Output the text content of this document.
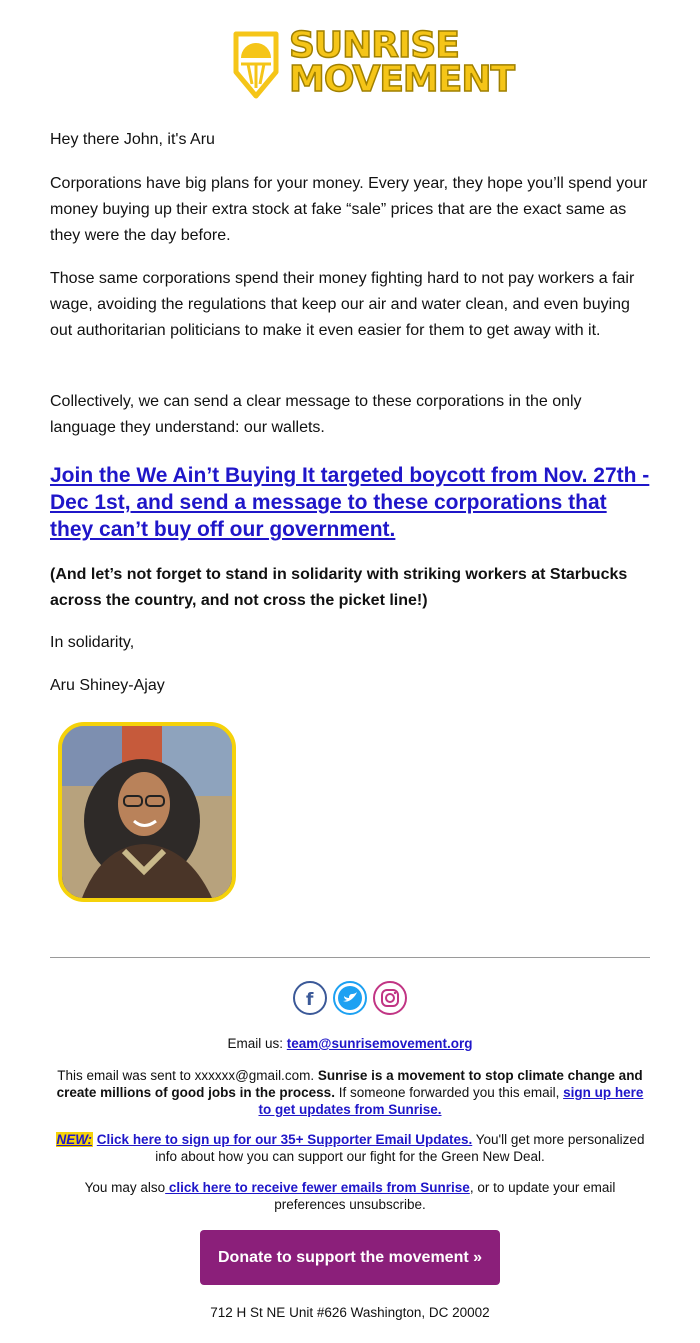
SUNRISE
MOVEMENT

Hey there John, it's Aru

Corporations have big plans for your money. Every year, they hope you’ll spend your money buying up their extra stock at fake “sale” prices that are the exact same as they were the day before.

Those same corporations spend their money fighting hard to not pay workers a fair wage, avoiding the regulations that keep our air and water clean, and even buying out authoritarian politicians to make it even easier for them to get away with it.

Collectively, we can send a clear message to these corporations in the only language they understand: our wallets.

Join the We Ain’t Buying It targeted boycott from Nov. 27th - Dec 1st, and send a message to these corporations that they can’t buy off our government.
(And let’s not forget to stand in solidarity with striking workers at Starbucks across the country, and not cross the picket line!)

In solidarity,

Aru Shiney-Ajay

f
Email us: team@sunrisemovement.org
This email was sent to xxxxxx@gmail.com. Sunrise is a movement to stop climate change and create millions of good jobs in the process. If someone forwarded you this email, sign up here to get updates from Sunrise.
NEW: Click here to sign up for our 35+ Supporter Email Updates. You'll get more personalized info about how you can support our fight for the Green New Deal.
You may also click here to receive fewer emails from Sunrise, or to update your email preferences unsubscribe.
Donate to support the movement »
712 H St NE Unit #626 Washington, DC 20002
